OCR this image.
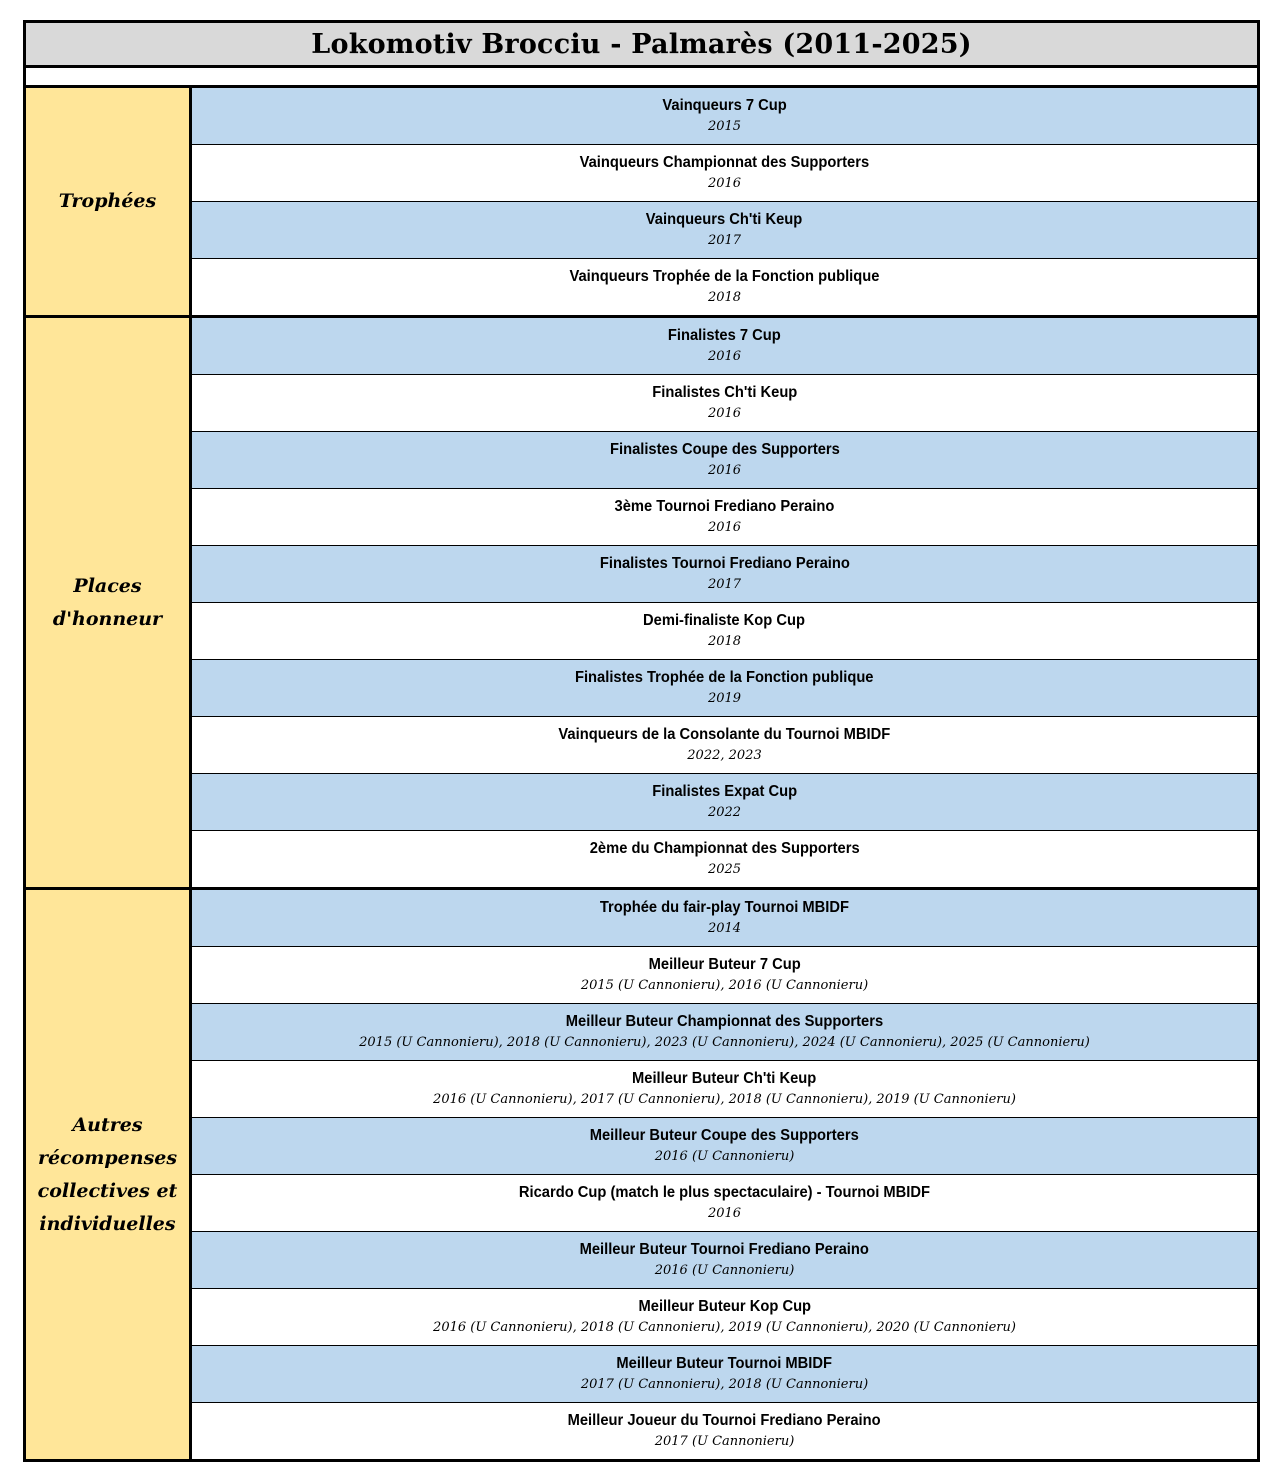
Lokomotiv Brocciu - Palmarès (2011-2025)
Trophées
Vainqueurs 7 Cup
2015
Vainqueurs Championnat des Supporters
2016
Vainqueurs Ch'ti Keup
2017
Vainqueurs Trophée de la Fonction publique
2018
Places d'honneur
Finalistes 7 Cup
2016
Finalistes Ch'ti Keup
2016
Finalistes Coupe des Supporters
2016
3ème Tournoi Frediano Peraino
2016
Finalistes Tournoi Frediano Peraino
2017
Demi-finaliste Kop Cup
2018
Finalistes Trophée de la Fonction publique
2019
Vainqueurs de la Consolante du Tournoi MBIDF
2022, 2023
Finalistes Expat Cup
2022
2ème du Championnat des Supporters
2025
Autres récompenses collectives et individuelles
Trophée du fair-play Tournoi MBIDF
2014
Meilleur Buteur 7 Cup
2015 (U Cannonieru), 2016 (U Cannonieru)
Meilleur Buteur Championnat des Supporters
2015 (U Cannonieru), 2018 (U Cannonieru), 2023 (U Cannonieru), 2024 (U Cannonieru), 2025 (U Cannonieru)
Meilleur Buteur Ch'ti Keup
2016 (U Cannonieru), 2017 (U Cannonieru), 2018 (U Cannonieru), 2019 (U Cannonieru)
Meilleur Buteur Coupe des Supporters
2016 (U Cannonieru)
Ricardo Cup (match le plus spectaculaire) - Tournoi MBIDF
2016
Meilleur Buteur Tournoi Frediano Peraino
2016 (U Cannonieru)
Meilleur Buteur Kop Cup
2016 (U Cannonieru), 2018 (U Cannonieru), 2019 (U Cannonieru), 2020 (U Cannonieru)
Meilleur Buteur Tournoi MBIDF
2017 (U Cannonieru), 2018 (U Cannonieru)
Meilleur Joueur du Tournoi Frediano Peraino
2017 (U Cannonieru)
